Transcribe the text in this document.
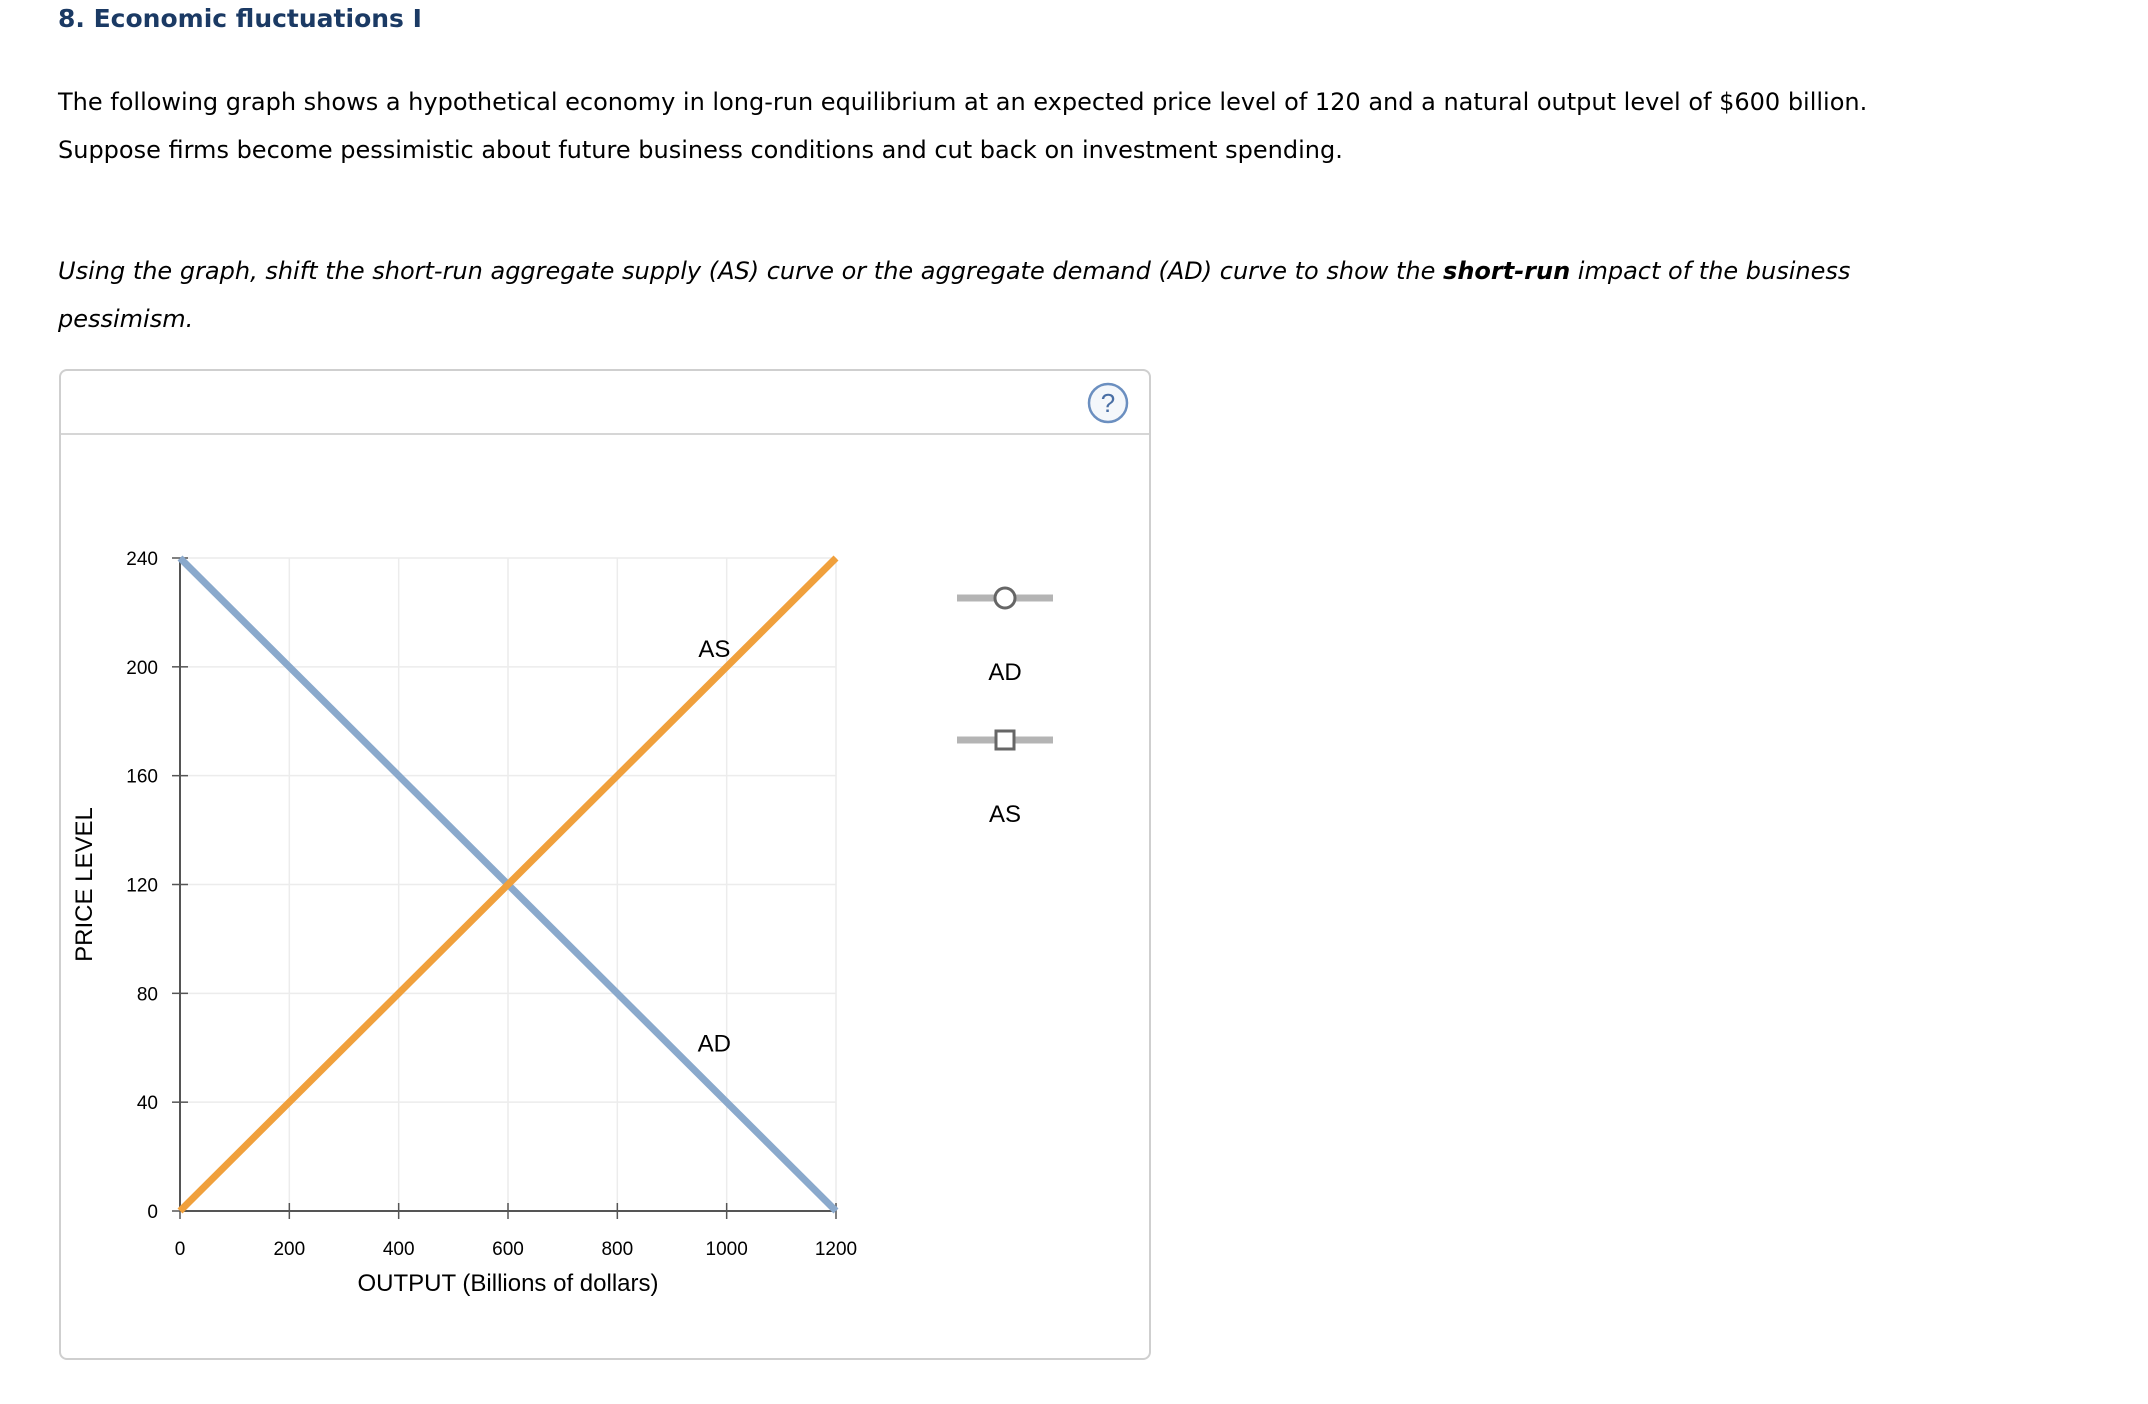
8. Economic fluctuations I
The following graph shows a hypothetical economy in long-run equilibrium at an expected price level of 120 and a natural output level of $600 billion.
Suppose firms become pessimistic about future business conditions and cut back on investment spending.
Using the graph, shift the short-run aggregate supply (AS) curve or the aggregate demand (AD) curve to show the short-run impact of the business
pessimism.
?
0
40
80
120
160
200
240
0	200	400	600	800	1000	1200
OUTPUT (Billions of dollars)
PRICE LEVEL
AD
AS
AD
AS
